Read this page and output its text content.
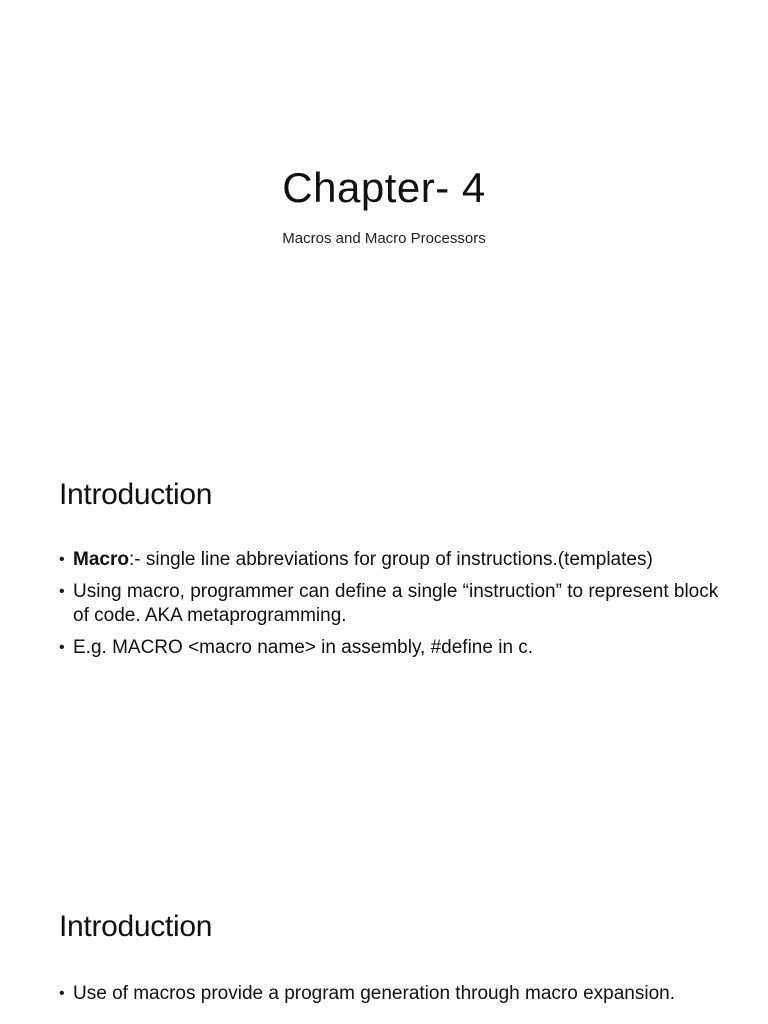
Chapter- 4

Macros and Macro Processors

Introduction
• Macro:- single line abbreviations for group of instructions.(templates)
• Using macro, programmer can define a single “instruction” to represent block of code. AKA metaprogramming.
• E.g. MACRO <macro name> in assembly, #define in c.
Introduction
• Use of macros provide a program generation through macro expansion.
